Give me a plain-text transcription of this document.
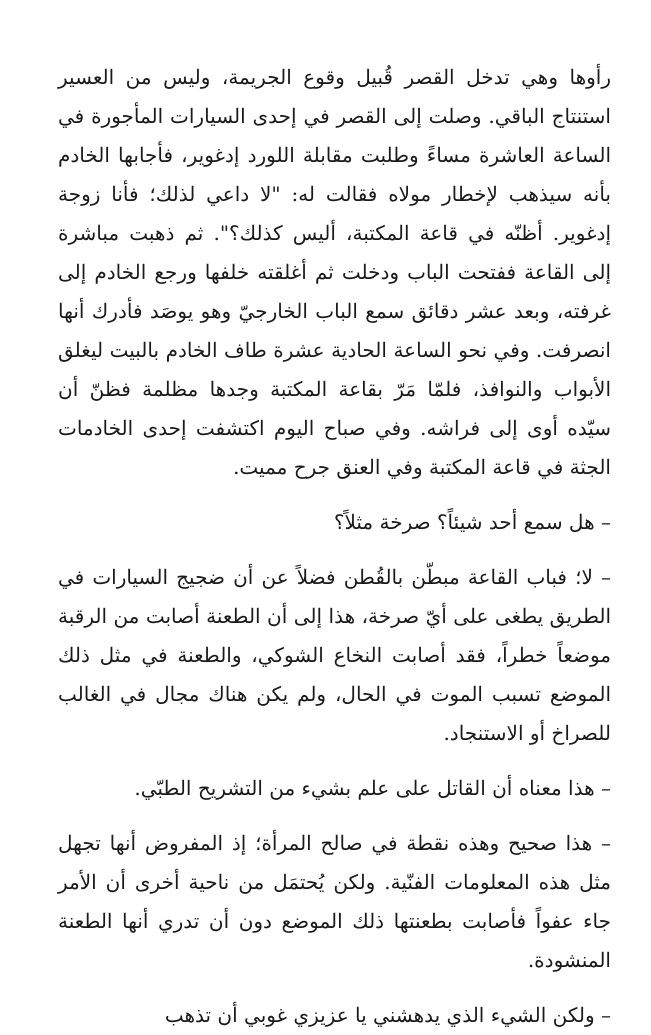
رأوها وهي تدخل القصر قُبيل وقوع الجريمة، وليس من العسير استنتاج الباقي. وصلت إلى القصر في إحدى السيارات المأجورة في الساعة العاشرة مساءً وطلبت مقابلة اللورد إدغوير، فأجابها الخادم بأنه سيذهب لإخطار مولاه فقالت له: "لا داعي لذلك؛ فأنا زوجة إدغوير. أظنّه في قاعة المكتبة، أليس كذلك؟". ثم ذهبت مباشرة إلى القاعة ففتحت الباب ودخلت ثم أغلقته خلفها ورجع الخادم إلى غرفته، وبعد عشر دقائق سمع الباب الخارجيّ وهو يوصَد فأدرك أنها انصرفت. وفي نحو الساعة الحادية عشرة طاف الخادم بالبيت ليغلق الأبواب والنوافذ، فلمّا مَرّ بقاعة المكتبة وجدها مظلمة فظنّ أن سيّده أوى إلى فراشه. وفي صباح اليوم اكتشفت إحدى الخادمات الجثة في قاعة المكتبة وفي العنق جرح مميت.

– هل سمع أحد شيئاً؟ صرخة مثلاً؟

– لا؛ فباب القاعة مبطّن بالقُطن فضلاً عن أن ضجيج السيارات في الطريق يطغى على أيّ صرخة، هذا إلى أن الطعنة أصابت من الرقبة موضعاً خطراً، فقد أصابت النخاع الشوكي، والطعنة في مثل ذلك الموضع تسبب الموت في الحال، ولم يكن هناك مجال في الغالب للصراخ أو الاستنجاد.

– هذا معناه أن القاتل على علم بشيء من التشريح الطبّي.

– هذا صحيح وهذه نقطة في صالح المرأة؛ إذ المفروض أنها تجهل مثل هذه المعلومات الفنّية. ولكن يُحتمَل من ناحية أخرى أن الأمر جاء عفواً فأصابت بطعنتها ذلك الموضع دون أن تدري أنها الطعنة المنشودة.

– ولكن الشيء الذي يدهشني يا عزيزي غوبي أن تذهب
